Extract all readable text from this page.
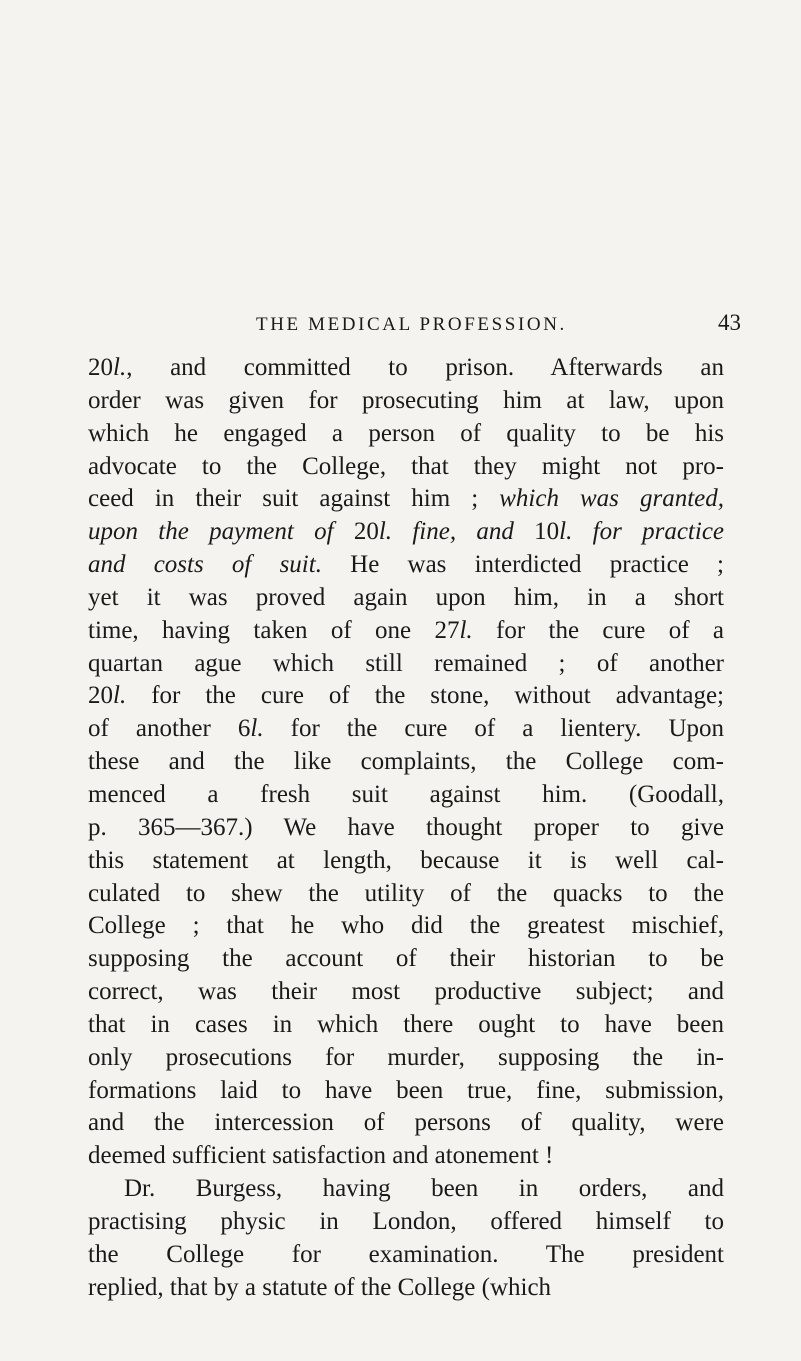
THE MEDICAL PROFESSION.	43
20l., and committed to prison. Afterwards an
order was given for prosecuting him at law, upon
which he engaged a person of quality to be his
advocate to the College, that they might not pro-
ceed in their suit against him ; which was granted,
upon the payment of 20l. fine, and 10l. for practice
and costs of suit. He was interdicted practice ;
yet it was proved again upon him, in a short
time, having taken of one 27l. for the cure of a
quartan ague which still remained ; of another
20l. for the cure of the stone, without advantage;
of another 6l. for the cure of a lientery. Upon
these and the like complaints, the College com-
menced a fresh suit against him. (Goodall,
p. 365—367.) We have thought proper to give
this statement at length, because it is well cal-
culated to shew the utility of the quacks to the
College ; that he who did the greatest mischief,
supposing the account of their historian to be
correct, was their most productive subject; and
that in cases in which there ought to have been
only prosecutions for murder, supposing the in-
formations laid to have been true, fine, submission,
and the intercession of persons of quality, were
deemed sufficient satisfaction and atonement !
Dr. Burgess, having been in orders, and
practising physic in London, offered himself to
the College for examination. The president
replied, that by a statute of the College (which
